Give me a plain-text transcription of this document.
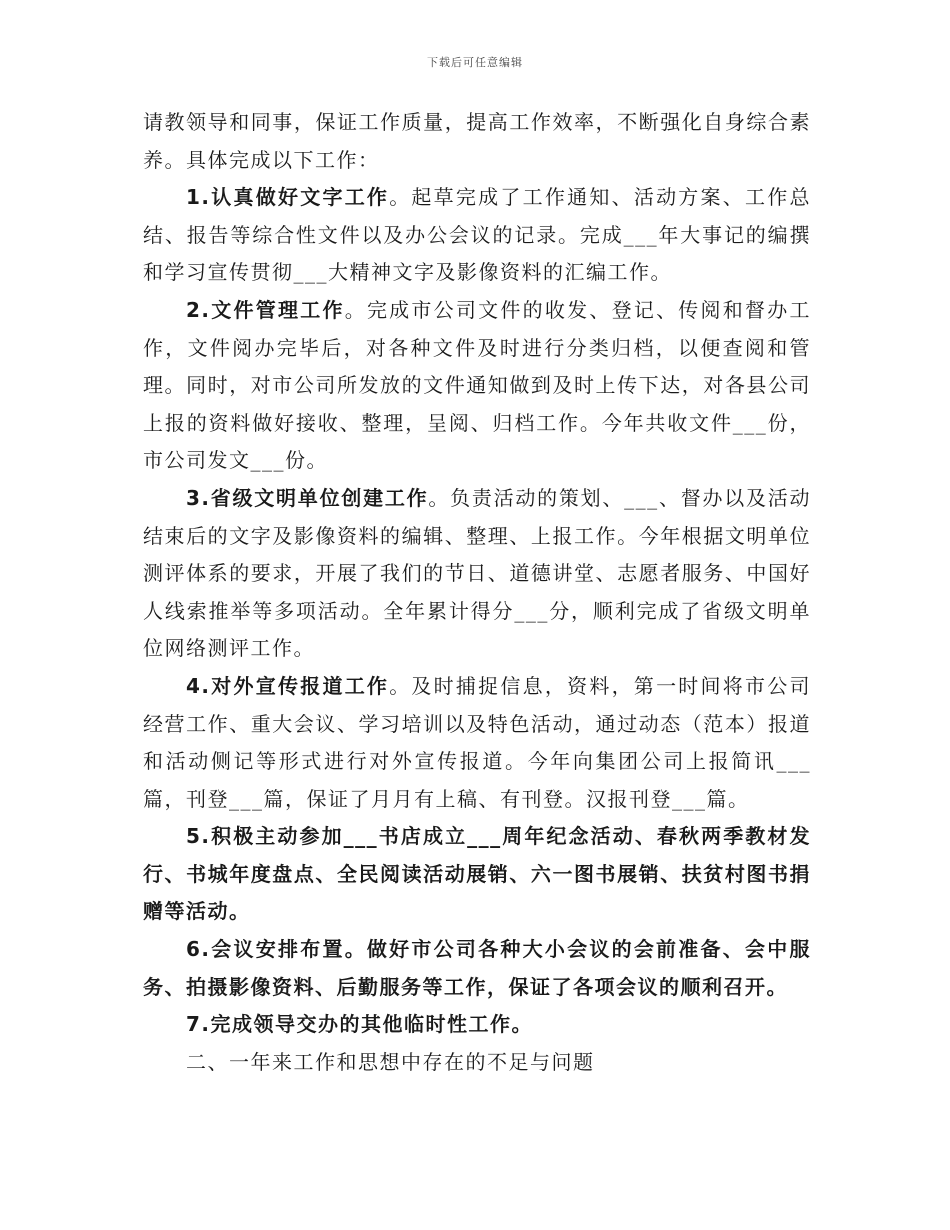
下载后可任意编辑

请教领导和同事，保证工作质量，提高工作效率，不断强化自身综合素养。具体完成以下工作：

1.认真做好文字工作。起草完成了工作通知、活动方案、工作总结、报告等综合性文件以及办公会议的记录。完成___年大事记的编撰和学习宣传贯彻___大精神文字及影像资料的汇编工作。

2.文件管理工作。完成市公司文件的收发、登记、传阅和督办工作，文件阅办完毕后，对各种文件及时进行分类归档，以便查阅和管理。同时，对市公司所发放的文件通知做到及时上传下达，对各县公司上报的资料做好接收、整理，呈阅、归档工作。今年共收文件___份，市公司发文___份。

3.省级文明单位创建工作。负责活动的策划、___、督办以及活动结束后的文字及影像资料的编辑、整理、上报工作。今年根据文明单位测评体系的要求，开展了我们的节日、道德讲堂、志愿者服务、中国好人线索推举等多项活动。全年累计得分___分，顺利完成了省级文明单位网络测评工作。

4.对外宣传报道工作。及时捕捉信息，资料，第一时间将市公司经营工作、重大会议、学习培训以及特色活动，通过动态（范本）报道和活动侧记等形式进行对外宣传报道。今年向集团公司上报简讯___篇，刊登___篇，保证了月月有上稿、有刊登。汉报刊登___篇。

5.积极主动参加___书店成立___周年纪念活动、春秋两季教材发行、书城年度盘点、全民阅读活动展销、六一图书展销、扶贫村图书捐赠等活动。

6.会议安排布置。做好市公司各种大小会议的会前准备、会中服务、拍摄影像资料、后勤服务等工作，保证了各项会议的顺利召开。

7.完成领导交办的其他临时性工作。

二、一年来工作和思想中存在的不足与问题
